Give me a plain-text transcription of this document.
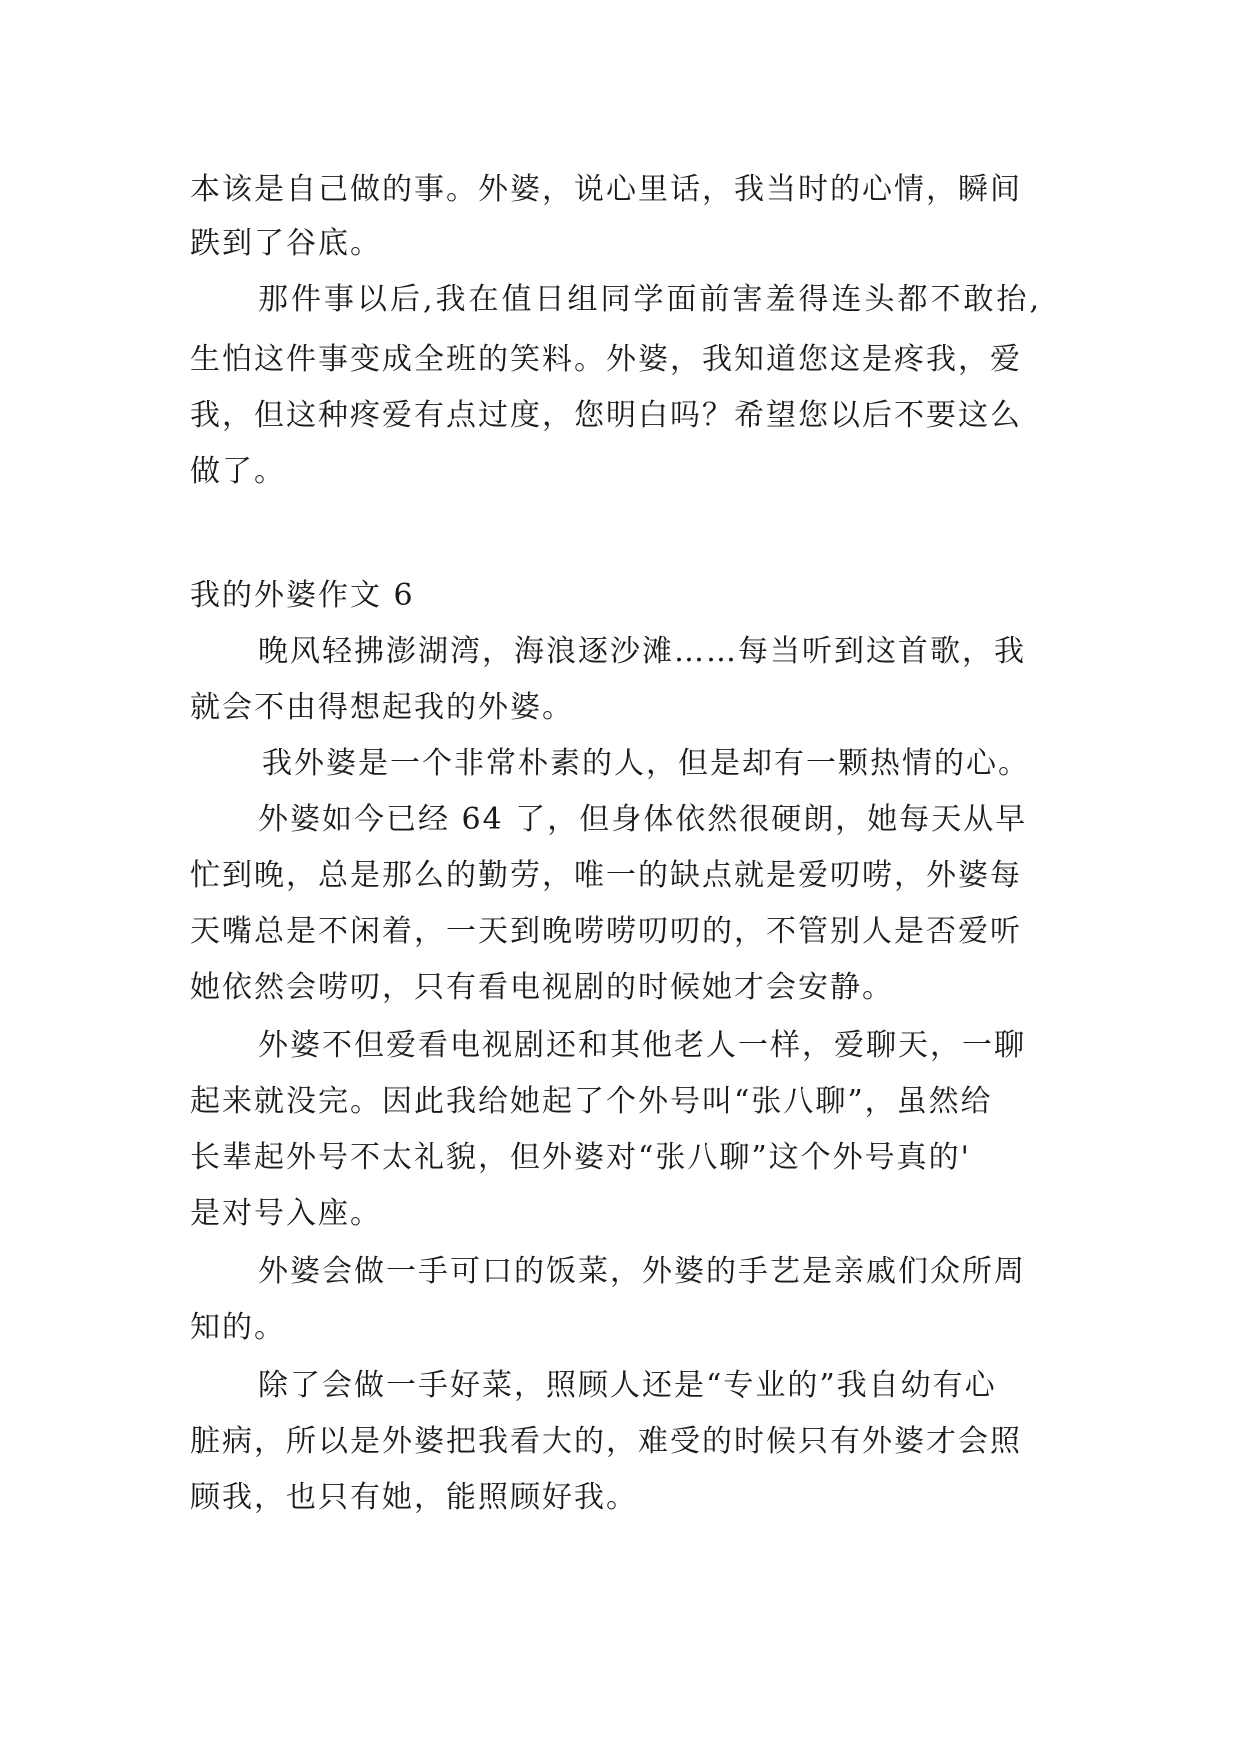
本该是自己做的事。外婆，说心里话，我当时的心情，瞬间
跌到了谷底。
那件事以后,我在值日组同学面前害羞得连头都不敢抬,
生怕这件事变成全班的笑料。外婆，我知道您这是疼我，爱
我，但这种疼爱有点过度，您明白吗？希望您以后不要这么
做了。
我的外婆作文 6
晚风轻拂澎湖湾，海浪逐沙滩……每当听到这首歌，我
就会不由得想起我的外婆。
我外婆是一个非常朴素的人，但是却有一颗热情的心。
外婆如今已经 64 了，但身体依然很硬朗，她每天从早
忙到晚，总是那么的勤劳，唯一的缺点就是爱叨唠，外婆每
天嘴总是不闲着，一天到晚唠唠叨叨的，不管别人是否爱听
她依然会唠叨，只有看电视剧的时候她才会安静。
外婆不但爱看电视剧还和其他老人一样，爱聊天，一聊
起来就没完。因此我给她起了个外号叫“张八聊”，虽然给
长辈起外号不太礼貌，但外婆对“张八聊”这个外号真的'
是对号入座。
外婆会做一手可口的饭菜，外婆的手艺是亲戚们众所周
知的。
除了会做一手好菜，照顾人还是“专业的”我自幼有心
脏病，所以是外婆把我看大的，难受的时候只有外婆才会照
顾我，也只有她，能照顾好我。
